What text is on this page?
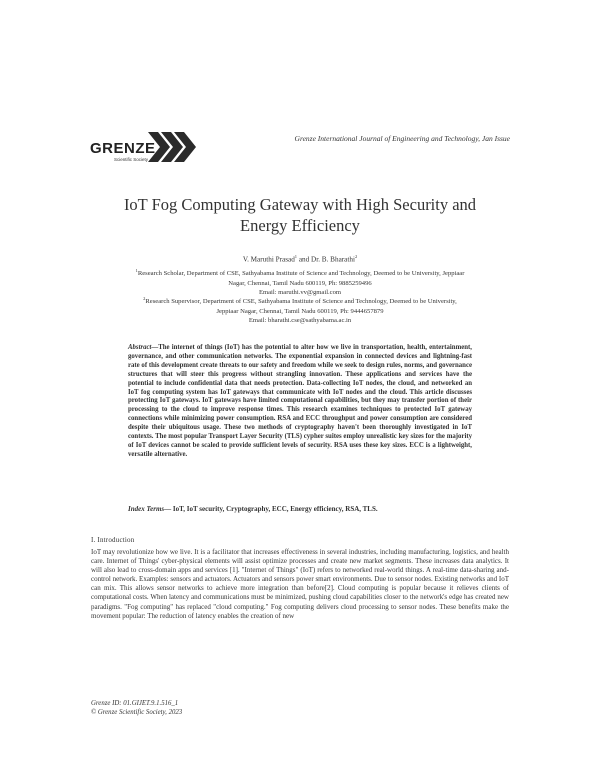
GRENZE
Scientific Society
Grenze International Journal of Engineering and Technology, Jan Issue
IoT Fog Computing Gateway with High Security and
Energy Efficiency
V. Maruthi Prasad$^1$ and Dr. B. Bharathi$^2$
$^1$Research Scholar, Department of CSE, Sathyabama Institute of Science and Technology, Deemed to be University, Jeppiaar
Nagar, Chennai, Tamil Nadu 600119, Ph: 9885259496
Email: maruthi.vv@gmail.com
$^2$Research Supervisor, Department of CSE, Sathyabama Institute of Science and Technology, Deemed to be University,
Jeppiaar Nagar, Chennai, Tamil Nadu 600119, Ph: 9444657879
Email: bharathi.cse@sathyabama.ac.in
Abstract—The internet of things (IoT) has the potential to alter how we live in transportation, health, entertainment, governance, and other communication networks. The exponential expansion in connected devices and lightning-fast rate of this development create threats to our safety and freedom while we seek to design rules, norms, and governance structures that will steer this progress without strangling innovation. These applications and services have the potential to include confidential data that needs protection. Data-collecting IoT nodes, the cloud, and networked an IoT fog computing system has IoT gateways that communicate with IoT nodes and the cloud. This article discusses protecting IoT gateways. IoT gateways have limited computational capabilities, but they may transfer portion of their processing to the cloud to improve response times. This research examines techniques to protected IoT gateway connections while minimizing power consumption. RSA and ECC throughput and power consumption are considered despite their ubiquitous usage. These two methods of cryptography haven't been thoroughly investigated in IoT contexts. The most popular Transport Layer Security (TLS) cypher suites employ unrealistic key sizes for the majority of IoT devices cannot be scaled to provide sufficient levels of security. RSA uses these key sizes. ECC is a lightweight, versatile alternative.
Index Terms— IoT, IoT security, Cryptography, ECC, Energy efficiency, RSA, TLS.
I. Introduction
IoT may revolutionize how we live. It is a facilitator that increases effectiveness in several industries, including manufacturing, logistics, and health care. Internet of Things' cyber-physical elements will assist optimize processes and create new market segments. These increases data analytics. It will also lead to cross-domain apps and services [1]. "Internet of Things" (IoT) refers to networked real-world things. A real-time data-sharing and-control network. Examples: sensors and actuators. Actuators and sensors power smart environments. Due to sensor nodes. Existing networks and IoT can mix. This allows sensor networks to achieve more integration than before[2]. Cloud computing is popular because it relieves clients of computational costs. When latency and communications must be minimized, pushing cloud capabilities closer to the network's edge has created new paradigms. "Fog computing" has replaced "cloud computing." Fog computing delivers cloud processing to sensor nodes. These benefits make the movement popular: The reduction of latency enables the creation of new
Grenze ID: 01.GIJET.9.1.516_1
© Grenze Scientific Society, 2023
